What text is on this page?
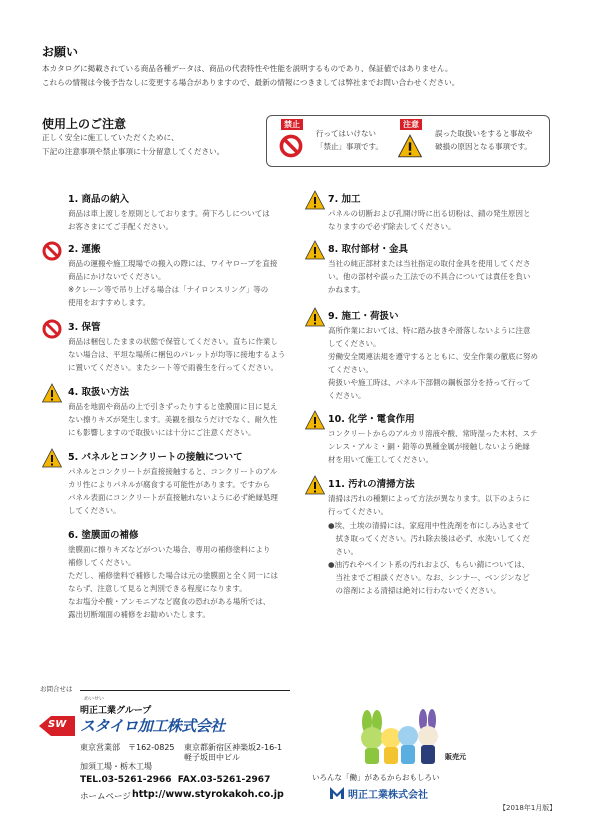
お願い
本カタログに掲載されている商品各種データは、商品の代表特性や性能を説明するものであり、保証値ではありません。
これらの情報は今後予告なしに変更する場合がありますので、最新の情報につきましては弊社までお問い合わせください。
使用上のご注意
正しく安全に施工していただくために、
下記の注意事項や禁止事項に十分留意してください。
禁止
行ってはいけない
「禁止」事項です。
注意
誤った取扱いをすると事故や
破損の原因となる事項です。
1. 商品の納入
商品は車上渡しを原則としております。荷下ろしについては
お客さまにてご手配ください。
2. 運搬
商品の運搬や施工現場での搬入の際には、ワイヤロープを直接
商品にかけないでください。
※クレーン等で吊り上げる場合は「ナイロンスリング」等の
使用をおすすめします。
3. 保管
商品は梱包したままの状態で保管してください。直ちに作業し
ない場合は、平坦な場所に梱包のパレットが均等に接地するよう
に置いてください。またシート等で雨養生を行ってください。
4. 取扱い方法
商品を地面や商品の上で引きずったりすると塗膜面に目に見え
ない擦りキズが発生します。美観を損なうだけでなく、耐久性
にも影響しますので取扱いには十分にご注意ください。
5. パネルとコンクリートの接触について
パネルとコンクリートが直接接触すると、コンクリートのアル
カリ性によりパネルが腐食する可能性があります。ですから
パネル表面にコンクリートが直接触れないように必ず絶縁処理
してください。
6. 塗膜面の補修
塗膜面に擦りキズなどがついた場合、専用の補修塗料により
補修してください。
ただし、補修塗料で補修した場合は元の塗膜面と全く同一には
ならず、注意して見ると判別できる程度になります。
なお塩分や酸・アンモニアなど腐食の恐れがある場所では、
露出切断端面の補修をお勧めいたします。
7. 加工
パネルの切断および孔開け時に出る切粉は、錆の発生原因と
なりますので必ず除去してください。
8. 取付部材・金具
当社の純正部材または当社指定の取付金具を使用してくださ
い。他の部材や誤った工法での不具合については責任を負い
かねます。
9. 施工・荷扱い
高所作業においては、特に踏み抜きや滑落しないように注意
してください。
労働安全関連法規を遵守するとともに、安全作業の徹底に努め
てください。
荷扱いや施工時は、パネル下部側の鋼板部分を持って行って
ください。
10. 化学・電食作用
コンクリートからのアルカリ溶液や酸、常時湿った木材、ステ
ンレス・アルミ・銅・鉛等の異種金属が接触しないよう絶縁
材を用いて施工してください。
11. 汚れの清掃方法
清掃は汚れの種類によって方法が異なります。以下のように
行ってください。
●埃、土埃の清掃には、家庭用中性洗剤を布にしみ込ませて
　拭き取ってください。汚れ除去後は必ず、水洗いしてくだ
　さい。
●油汚れやペイント系の汚れおよび、もらい錆については、
　当社までご相談ください。なお、シンナー、ベンジンなど
　の溶剤による清掃は絶対に行わないでください。
お問合せは
めいせい
明正工業グループ
SW スタイロ加工株式会社
東京営業部 〒162-0825 東京都新宿区神楽坂2-16-1
軽子坂田中ビル
加須工場・栃木工場
TEL.03-5261-2966  FAX.03-5261-2967
ホームページ http://www.styrokakoh.co.jp
販売元
いろんな「働」があるからおもしろい
明正工業株式会社
【2018年1月版】
